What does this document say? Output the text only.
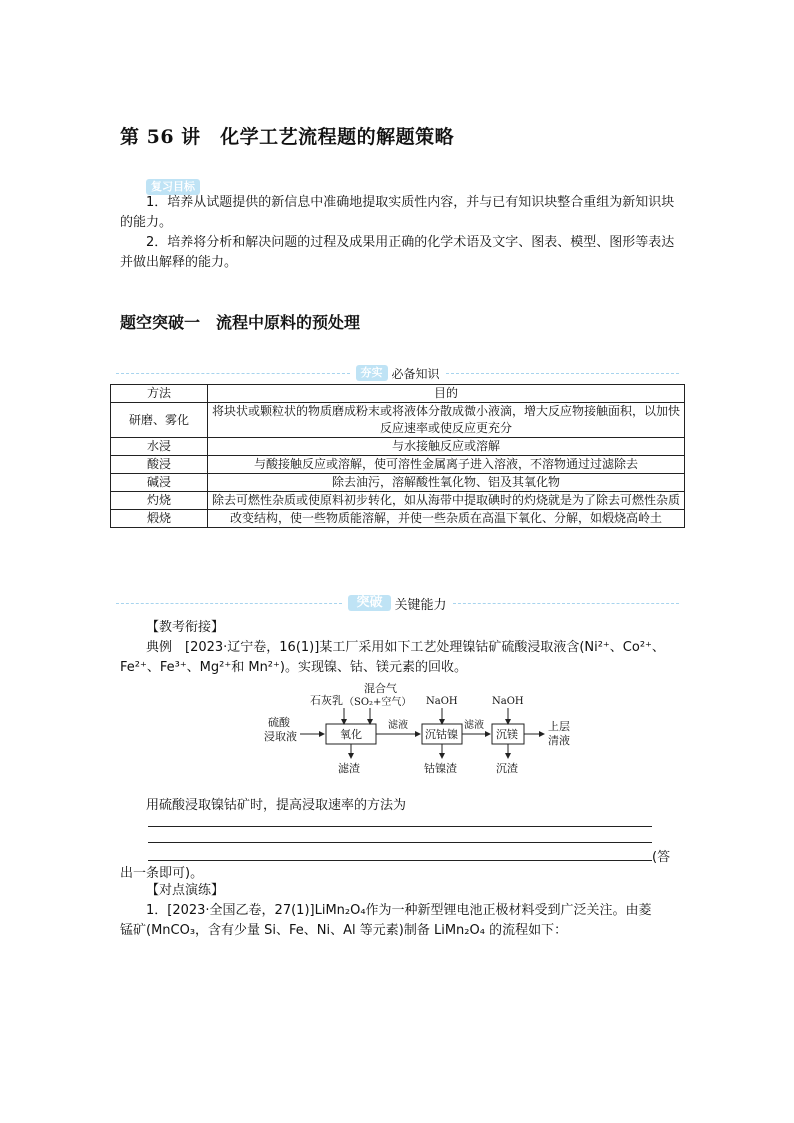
第 56 讲　化学工艺流程题的解题策略
复习目标

1．培养从试题提供的新信息中准确地提取实质性内容，并与已有知识块整合重组为新知识块的能力。

2．培养将分析和解决问题的过程及成果用正确的化学术语及文字、图表、模型、图形等表达并做出解释的能力。

题空突破一　流程中原料的预处理
夯实 必备知识
方法	目的
研磨、雾化	将块状或颗粒状的物质磨成粉末或将液体分散成微小液滴，增大反应物接触面积，以加快反应速率或使反应更充分
水浸	与水接触反应或溶解
酸浸	与酸接触反应或溶解，使可溶性金属离子进入溶液，不溶物通过过滤除去
碱浸	除去油污，溶解酸性氧化物、铝及其氧化物
灼烧	除去可燃性杂质或使原料初步转化，如从海带中提取碘时的灼烧就是为了除去可燃性杂质
煅烧	改变结构，使一些物质能溶解，并使一些杂质在高温下氧化、分解，如煅烧高岭土
突破 关键能力

【教考衔接】

典例　[2023·辽宁卷，16(1)]某工厂采用如下工艺处理镍钴矿硫酸浸取液含(Ni²⁺、Co²⁺、

Fe²⁺、Fe³⁺、Mg²⁺和 Mn²⁺)。实现镍、钴、镁元素的回收。

硫酸
浸取液
石灰乳
混合气
（SO₂+空气）
氧化
滤液
滤渣
NaOH
沉钴镍
滤液
钴镍渣
NaOH
沉镁
上层
清液
沉渣

用硫酸浸取镍钴矿时，提高浸取速率的方法为

(答
出一条即可)。

【对点演练】

1．[2023·全国乙卷，27(1)]LiMn₂O₄作为一种新型锂电池正极材料受到广泛关注。由菱

锰矿(MnCO₃，含有少量 Si、Fe、Ni、Al 等元素)制备 LiMn₂O₄ 的流程如下：
